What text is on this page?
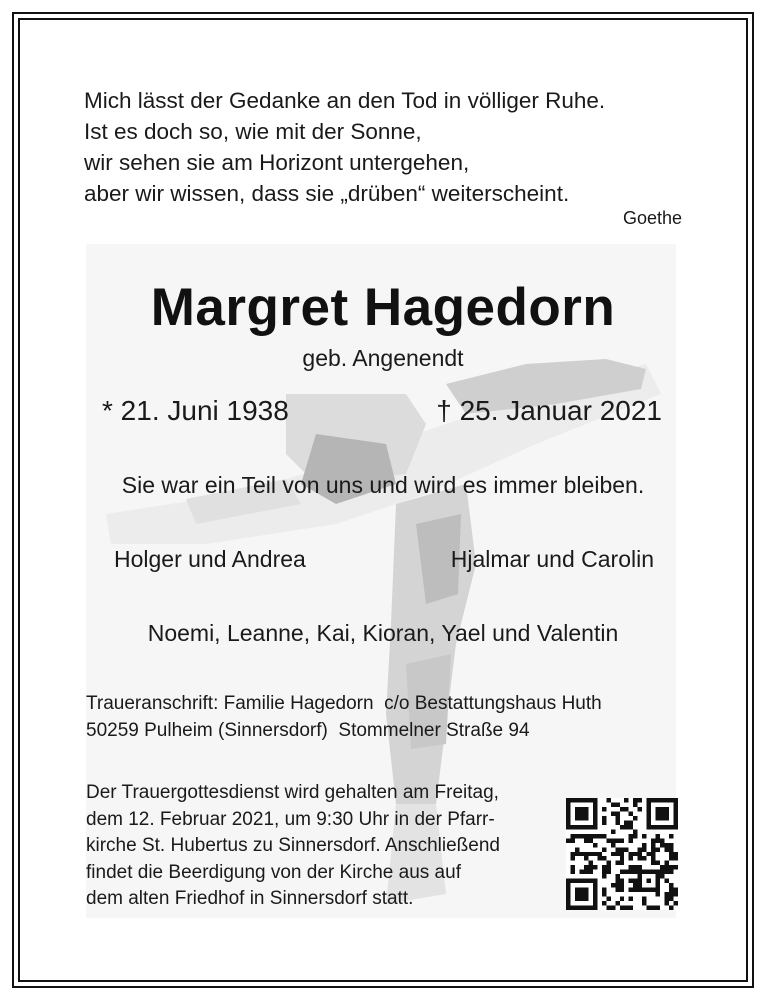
Mich lässt der Gedanke an den Tod in völliger Ruhe.
Ist es doch so, wie mit der Sonne,
wir sehen sie am Horizont untergehen,
aber wir wissen, dass sie „drüben“ weiterscheint.
Goethe
Margret Hagedorn
geb. Angenendt
* 21. Juni 1938	† 25. Januar 2021
Sie war ein Teil von uns und wird es immer bleiben.
Holger und Andrea	Hjalmar und Carolin
Noemi, Leanne, Kai, Kioran, Yael und Valentin
Traueranschrift: Familie Hagedorn  c/o Bestattungshaus Huth
50259 Pulheim (Sinnersdorf)  Stommelner Straße 94
Der Trauergottesdienst wird gehalten am Freitag,
dem 12. Februar 2021, um 9:30 Uhr in der Pfarr-
kirche St. Hubertus zu Sinnersdorf. Anschließend
findet die Beerdigung von der Kirche aus auf
dem alten Friedhof in Sinnersdorf statt.
